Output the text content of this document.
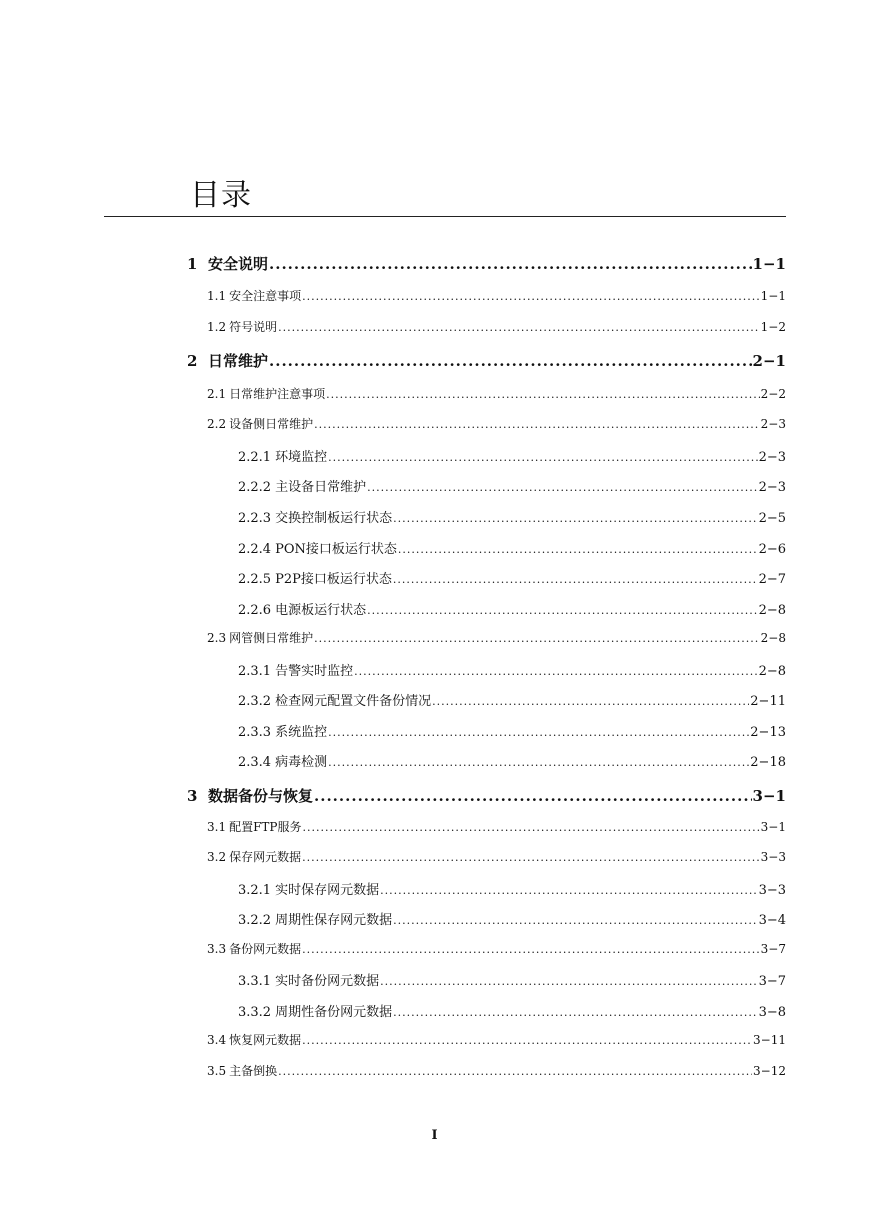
目录
1 安全说明 .....	1−1
1.1 安全注意事项 .....	1−1
1.2 符号说明 .....	1−2
2 日常维护 .....	2−1
2.1 日常维护注意事项 .....	2−2
2.2 设备侧日常维护 .....	2−3
2.2.1 环境监控 .....	2−3
2.2.2 主设备日常维护 .....	2−3
2.2.3 交换控制板运行状态 .....	2−5
2.2.4 PON接口板运行状态 .....	2−6
2.2.5 P2P接口板运行状态 .....	2−7
2.2.6 电源板运行状态 .....	2−8
2.3 网管侧日常维护 .....	2−8
2.3.1 告警实时监控 .....	2−8
2.3.2 检查网元配置文件备份情况 .....	2−11
2.3.3 系统监控 .....	2−13
2.3.4 病毒检测 .....	2−18
3 数据备份与恢复 .....	3−1
3.1 配置FTP服务 .....	3−1
3.2 保存网元数据 .....	3−3
3.2.1 实时保存网元数据 .....	3−3
3.2.2 周期性保存网元数据 .....	3−4
3.3 备份网元数据 .....	3−7
3.3.1 实时备份网元数据 .....	3−7
3.3.2 周期性备份网元数据 .....	3−8
3.4 恢复网元数据 .....	3−11
3.5 主备倒换 .....	3−12
I
